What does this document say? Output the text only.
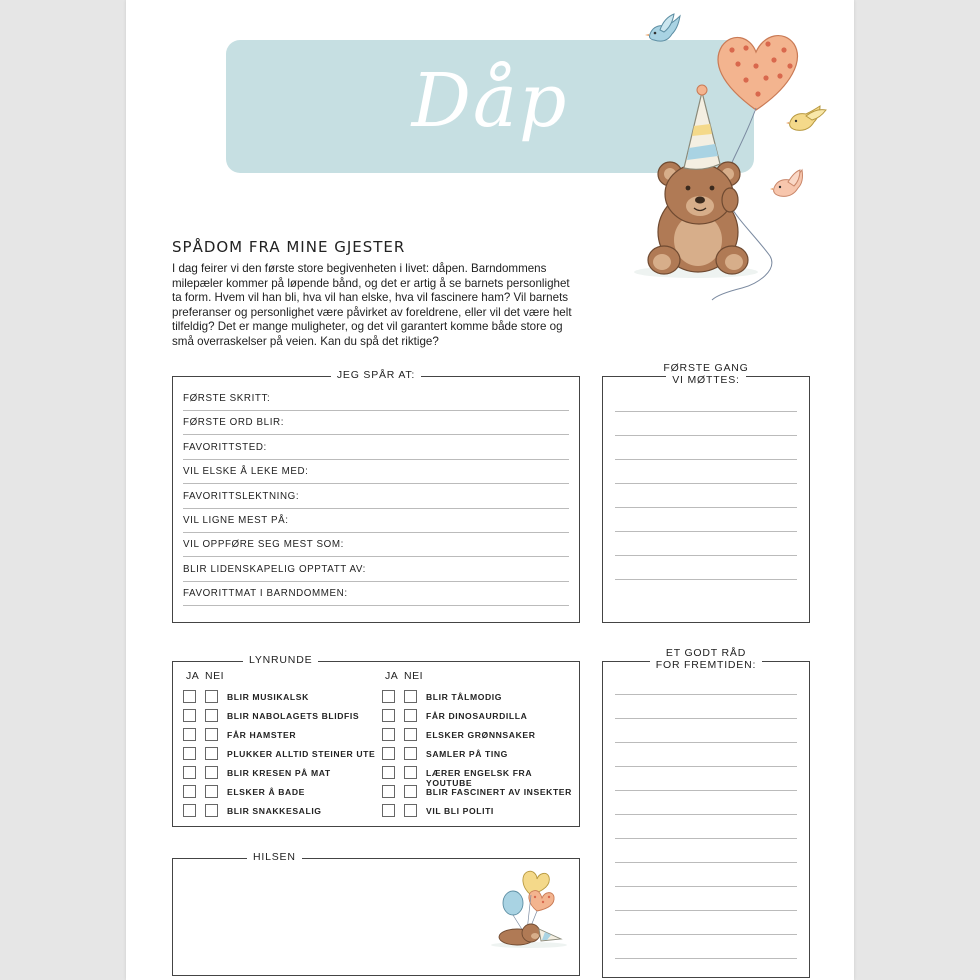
Dåp
SPÅDOM FRA MINE GJESTER
I dag feirer vi den første store begivenheten i livet: dåpen. Barndommens
milepæler kommer på løpende bånd, og det er artig å se barnets personlighet
ta form. Hvem vil han bli, hva vil han elske, hva vil fascinere ham? Vil barnets
preferanser og personlighet være påvirket av foreldrene, eller vil det være helt
tilfeldig? Det er mange muligheter, og det vil garantert komme både store og
små overraskelser på veien. Kan du spå det riktige?
JEG SPÅR AT:
FØRSTE SKRITT:
FØRSTE ORD BLIR:
FAVORITTSTED:
VIL ELSKE Å LEKE MED:
FAVORITTSLEKTNING:
VIL LIGNE MEST PÅ:
VIL OPPFØRE SEG MEST SOM:
BLIR LIDENSKAPELIG OPPTATT AV:
FAVORITTMAT I BARNDOMMEN:
FØRSTE GANG
VI MØTTES:
LYNRUNDE
JA NEI	JA NEI
BLIR MUSIKALSK
BLIR NABOLAGETS BLIDFIS
FÅR HAMSTER
PLUKKER ALLTID STEINER UTE
BLIR KRESEN PÅ MAT
ELSKER Å BADE
BLIR SNAKKESALIG
BLIR TÅLMODIG
FÅR DINOSAURDILLA
ELSKER GRØNNSAKER
SAMLER PÅ TING
LÆRER ENGELSK FRA YOUTUBE
BLIR FASCINERT AV INSEKTER
VIL BLI POLITI
ET GODT RÅD
FOR FREMTIDEN:
HILSEN
